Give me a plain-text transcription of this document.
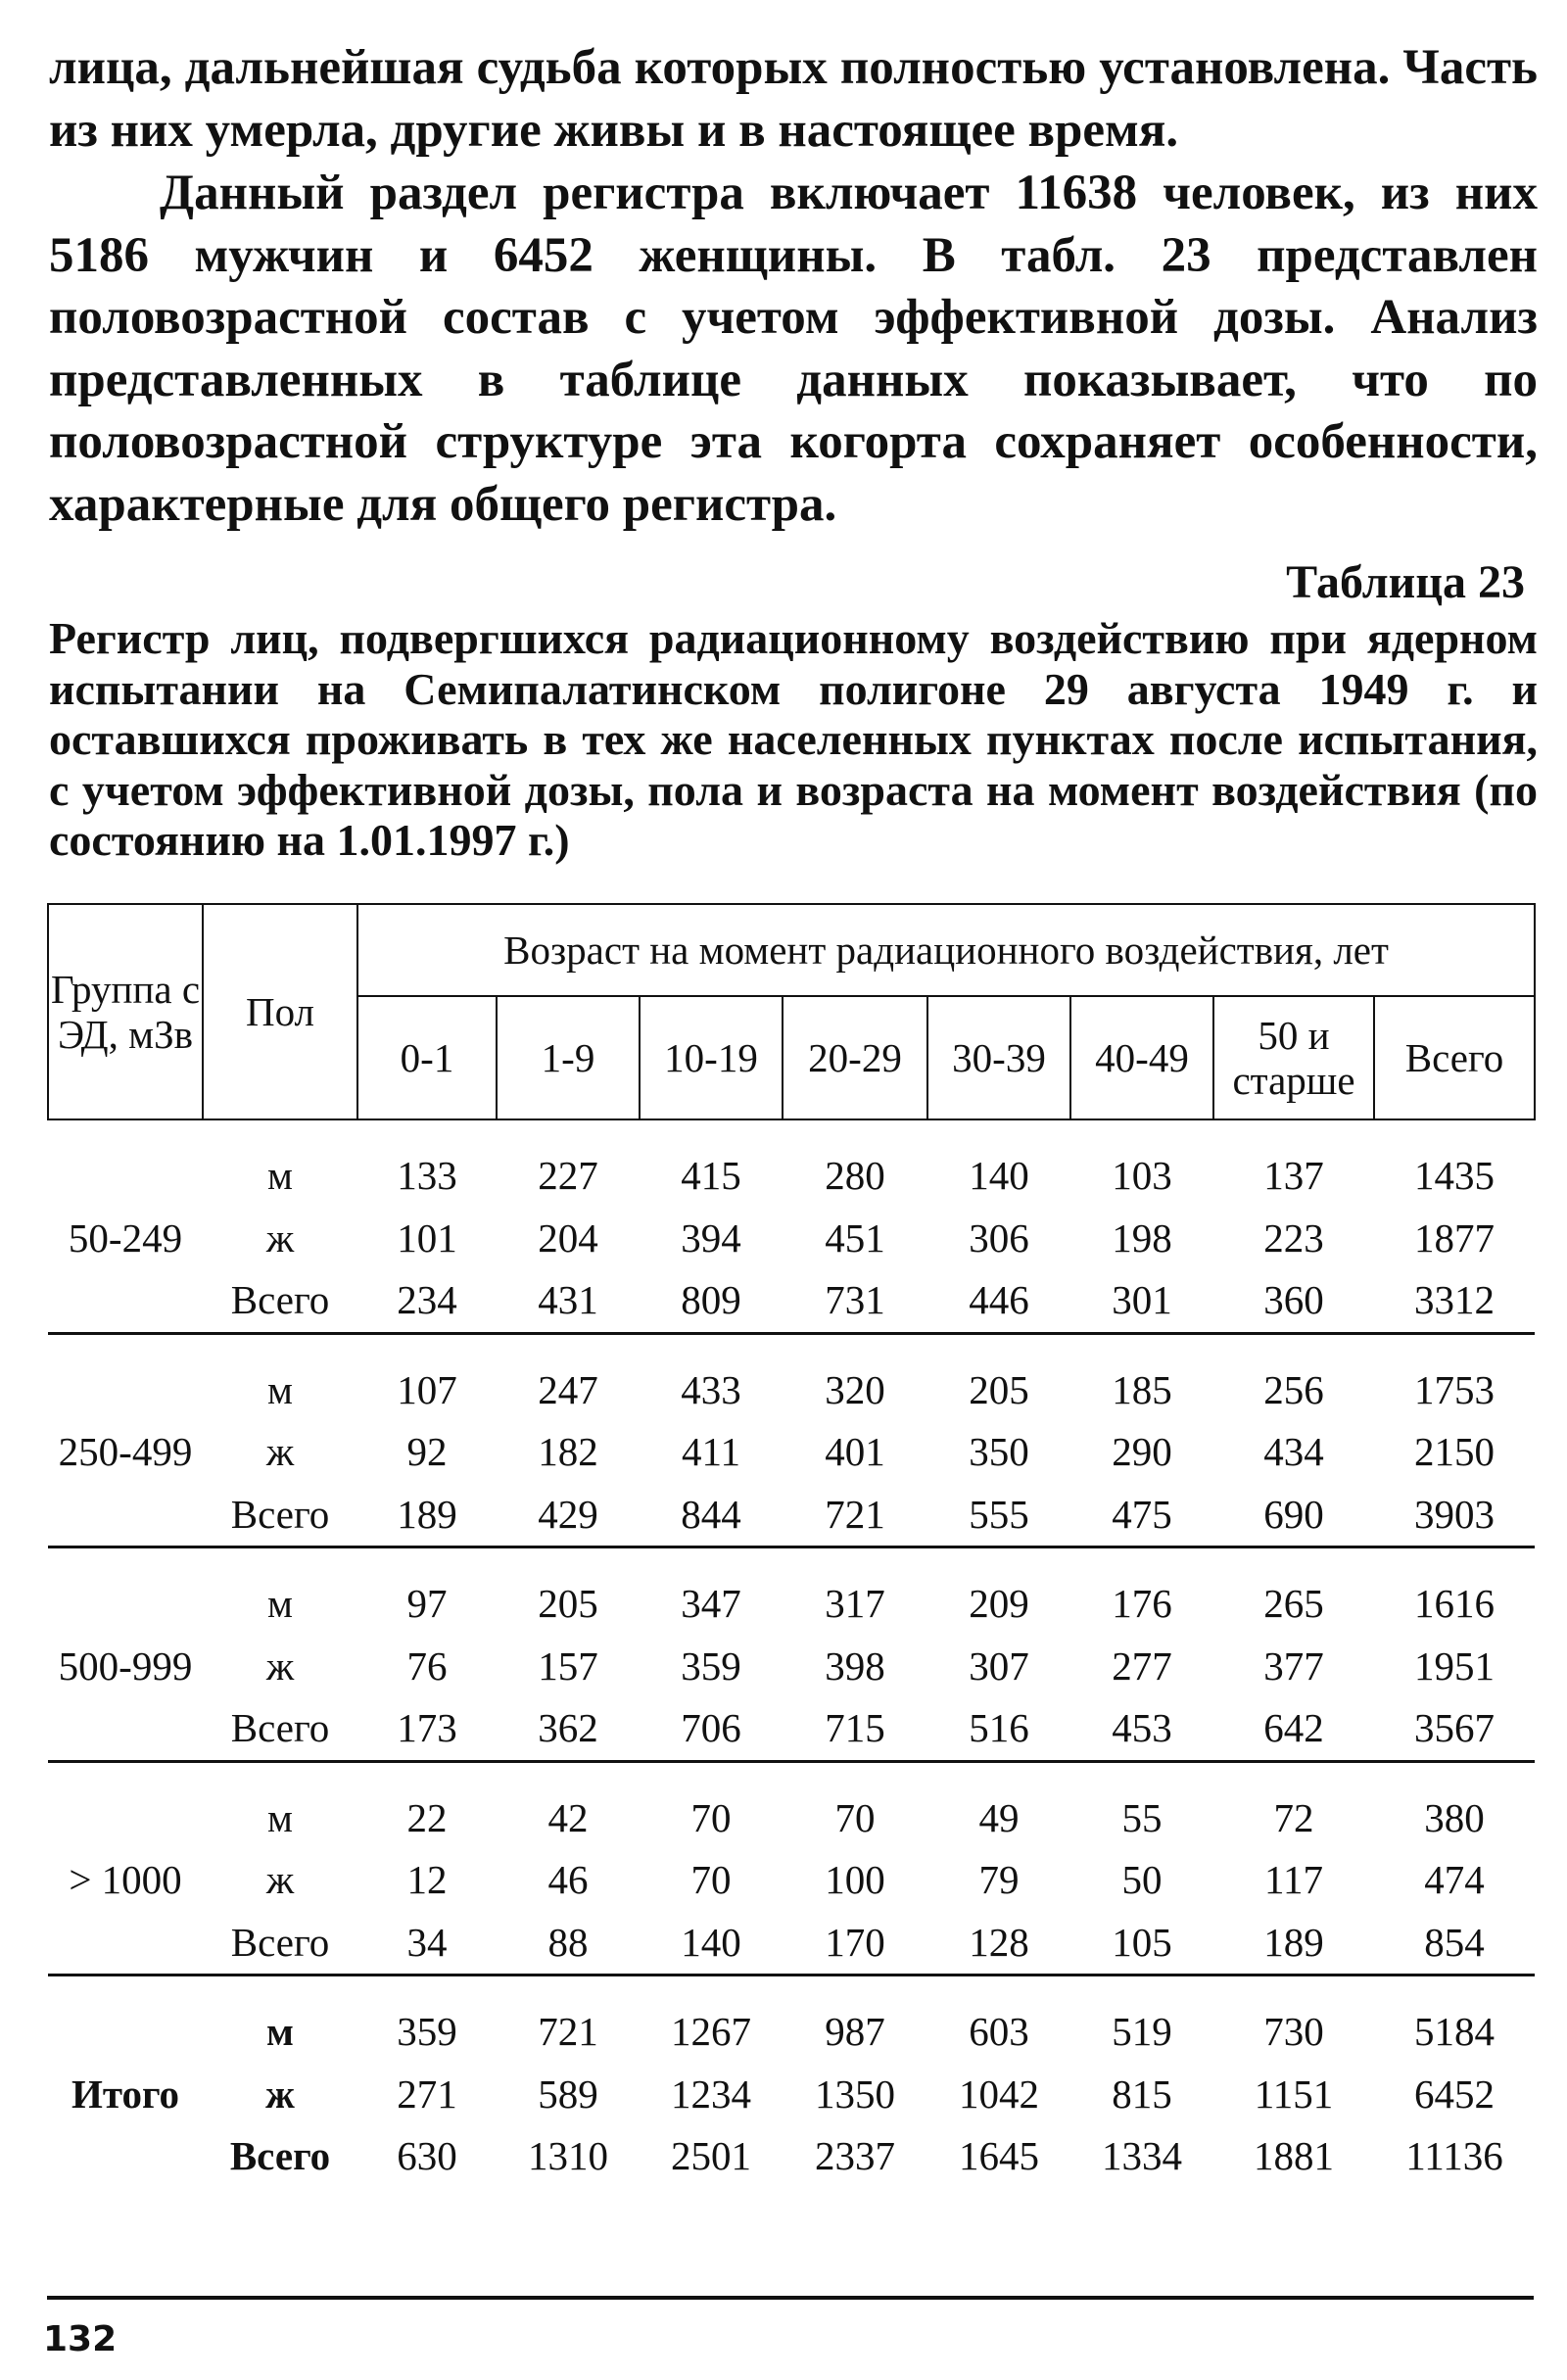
лица, дальнейшая судьба которых полностью установлена. Часть из них умерла, другие живы и в настоящее время.

Данный раздел регистра включает 11638 человек, из них 5186 мужчин и 6452 женщины. В табл. 23 представлен половозрастной состав с учетом эффективной дозы. Анализ представленных в таблице данных показывает, что по половозрастной структуре эта когорта сохраняет особенности, характерные для общего регистра.

Таблица 23

Регистр лиц, подвергшихся радиационному воздействию при ядерном испытании на Семипалатинском полигоне 29 августа 1949 г. и оставшихся проживать в тех же населенных пунктах после испытания, с учетом эффективной дозы, пола и возраста на момент воздействия (по состоянию на 1.01.1997 г.)

Группа с ЭД, мЗв	Пол	Возраст на момент радиационного воздействия, лет							
		0-1	1-9	10-19	20-29	30-39	40-49	50 и старше	Всего

50-249	м	133	227	415	280	140	103	137	1435
	ж	101	204	394	451	306	198	223	1877
	Всего	234	431	809	731	446	301	360	3312

250-499	м	107	247	433	320	205	185	256	1753
	ж	92	182	411	401	350	290	434	2150
	Всего	189	429	844	721	555	475	690	3903

500-999	м	97	205	347	317	209	176	265	1616
	ж	76	157	359	398	307	277	377	1951
	Всего	173	362	706	715	516	453	642	3567

> 1000	м	22	42	70	70	49	55	72	380
	ж	12	46	70	100	79	50	117	474
	Всего	34	88	140	170	128	105	189	854

Итого	м	359	721	1267	987	603	519	730	5184
	ж	271	589	1234	1350	1042	815	1151	6452
	Всего	630	1310	2501	2337	1645	1334	1881	11136

132
